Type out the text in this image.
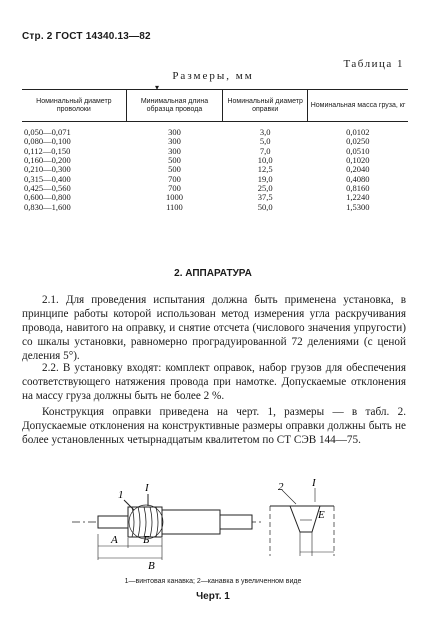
Стр. 2 ГОСТ 14340.13—82
Таблица 1
Размеры, мм
▾
Номинальный диаметр проволоки	Минимальная длина образца провода	Номинальный диаметр оправки	Номинальная масса груза, кг
0,050—0,071	300	3,0	0,0102
0,080—0,100	300	5,0	0,0250
0,112—0,150	300	7,0	0,0510
0,160—0,200	500	10,0	0,1020
0,210—0,300	500	12,5	0,2040
0,315—0,400	700	19,0	0,4080
0,425—0,560	700	25,0	0,8160
0,600—0,800	1000	37,5	1,2240
0,830—1,600	1100	50,0	1,5300
2. АППАРАТУРА
2.1. Для проведения испытания должна быть применена установка, в принципе работы которой использован метод измерения угла раскручивания провода, навитого на оправку, и снятие отсчета (числового значения упругости) со шкалы установки, равномерно проградуированной 72 делениями (с ценой деления 5°).
2.2. В установку входят: комплект оправок, набор грузов для обеспечения соответствующего натяжения провода при намотке. Допускаемые отклонения на массу груза должны быть не более 2 %.
Конструкция оправки приведена на черт. 1, размеры — в табл. 2. Допускаемые отклонения на конструктивные размеры оправки должны быть не более установленных четырнадцатым квалитетом по СТ СЭВ 144—75.
1
I
А Б
В
2	I
Е
1—винтовая канавка; 2—канавка в увеличенном виде
Черт. 1
